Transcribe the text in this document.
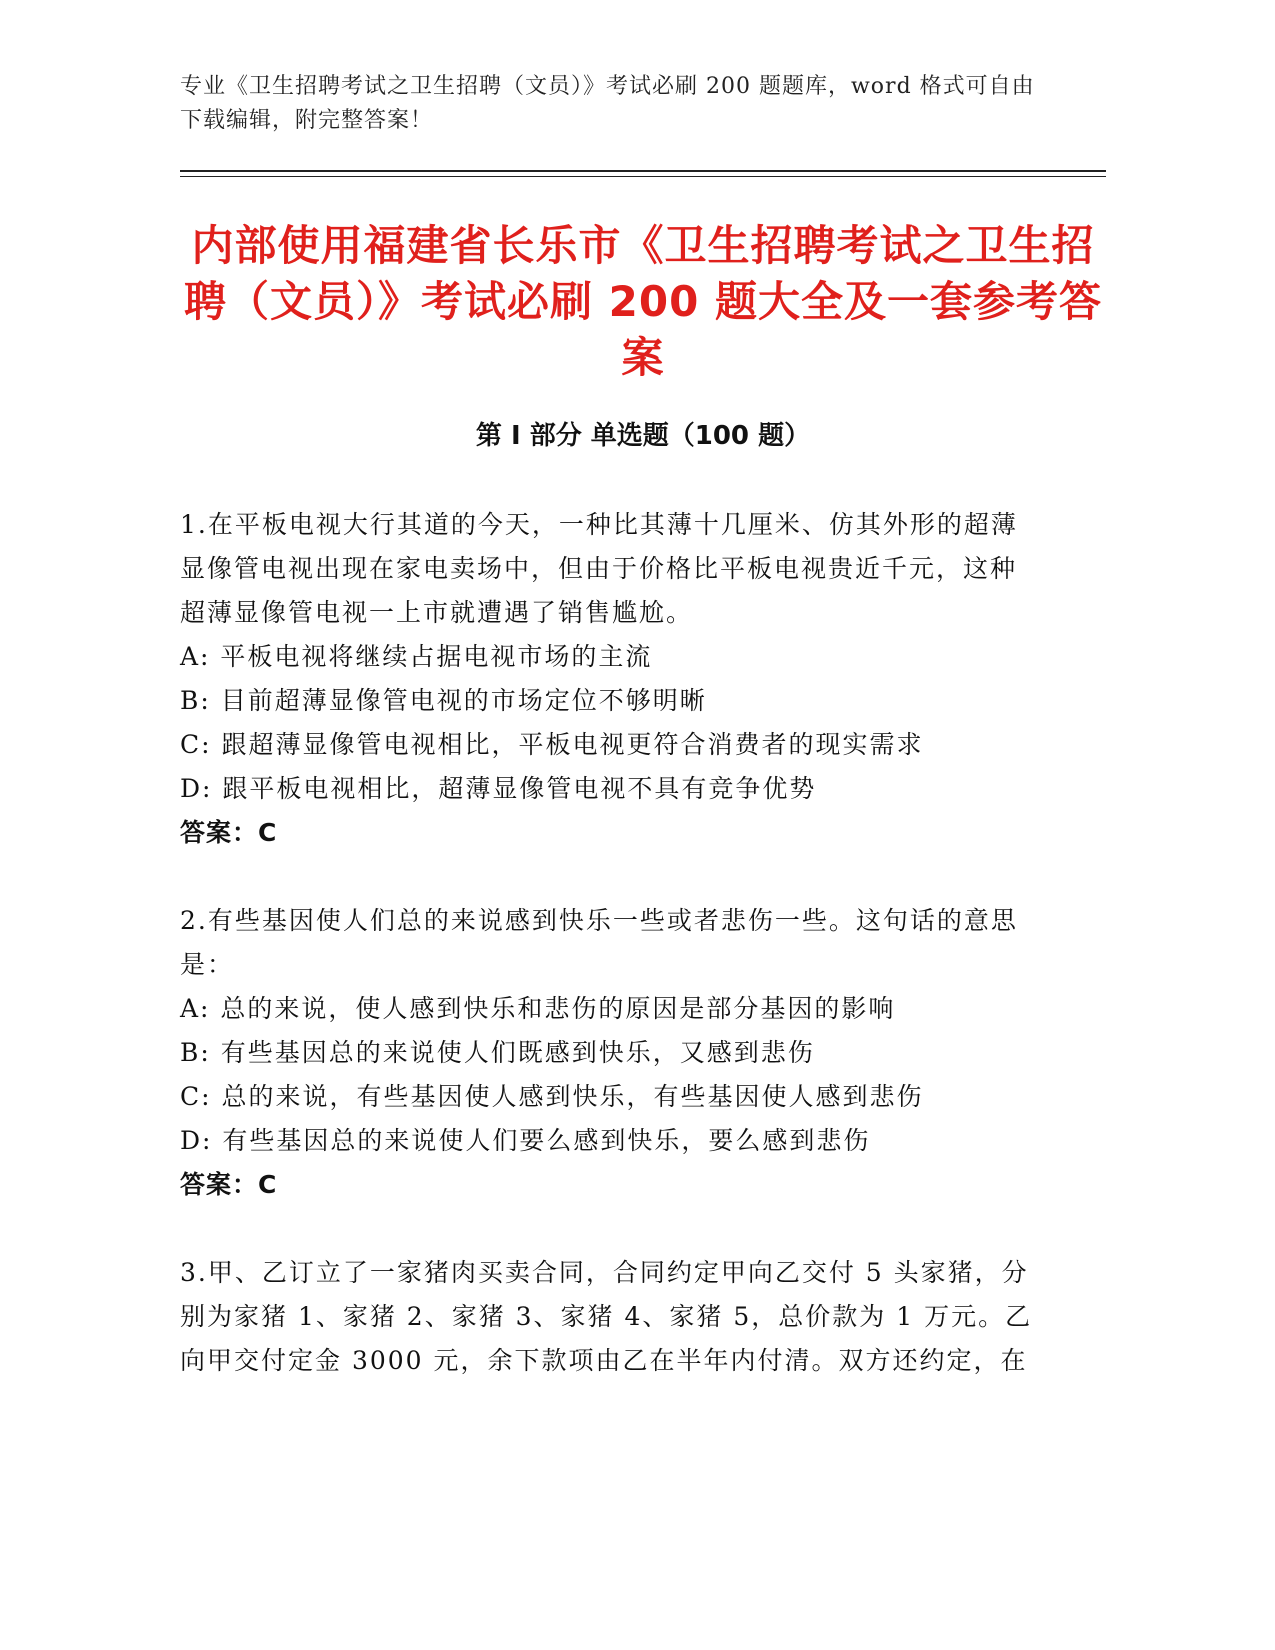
专业《卫生招聘考试之卫生招聘（文员）》考试必刷 200 题题库，word 格式可自由下载编辑，附完整答案！
内部使用福建省长乐市《卫生招聘考试之卫生招聘（文员）》考试必刷 200 题大全及一套参考答案
第 I 部分 单选题（100 题）

1.在平板电视大行其道的今天，一种比其薄十几厘米、仿其外形的超薄显像管电视出现在家电卖场中，但由于价格比平板电视贵近千元，这种超薄显像管电视一上市就遭遇了销售尴尬。

A: 平板电视将继续占据电视市场的主流

B: 目前超薄显像管电视的市场定位不够明晰

C: 跟超薄显像管电视相比，平板电视更符合消费者的现实需求

D: 跟平板电视相比，超薄显像管电视不具有竞争优势

答案：C

2.有些基因使人们总的来说感到快乐一些或者悲伤一些。这句话的意思是：

A: 总的来说，使人感到快乐和悲伤的原因是部分基因的影响

B: 有些基因总的来说使人们既感到快乐，又感到悲伤

C: 总的来说，有些基因使人感到快乐，有些基因使人感到悲伤

D: 有些基因总的来说使人们要么感到快乐，要么感到悲伤

答案：C

3.甲、乙订立了一家猪肉买卖合同，合同约定甲向乙交付 5 头家猪，分别为家猪 1、家猪 2、家猪 3、家猪 4、家猪 5，总价款为 1 万元。乙向甲交付定金 3000 元，余下款项由乙在半年内付清。双方还约定，在
